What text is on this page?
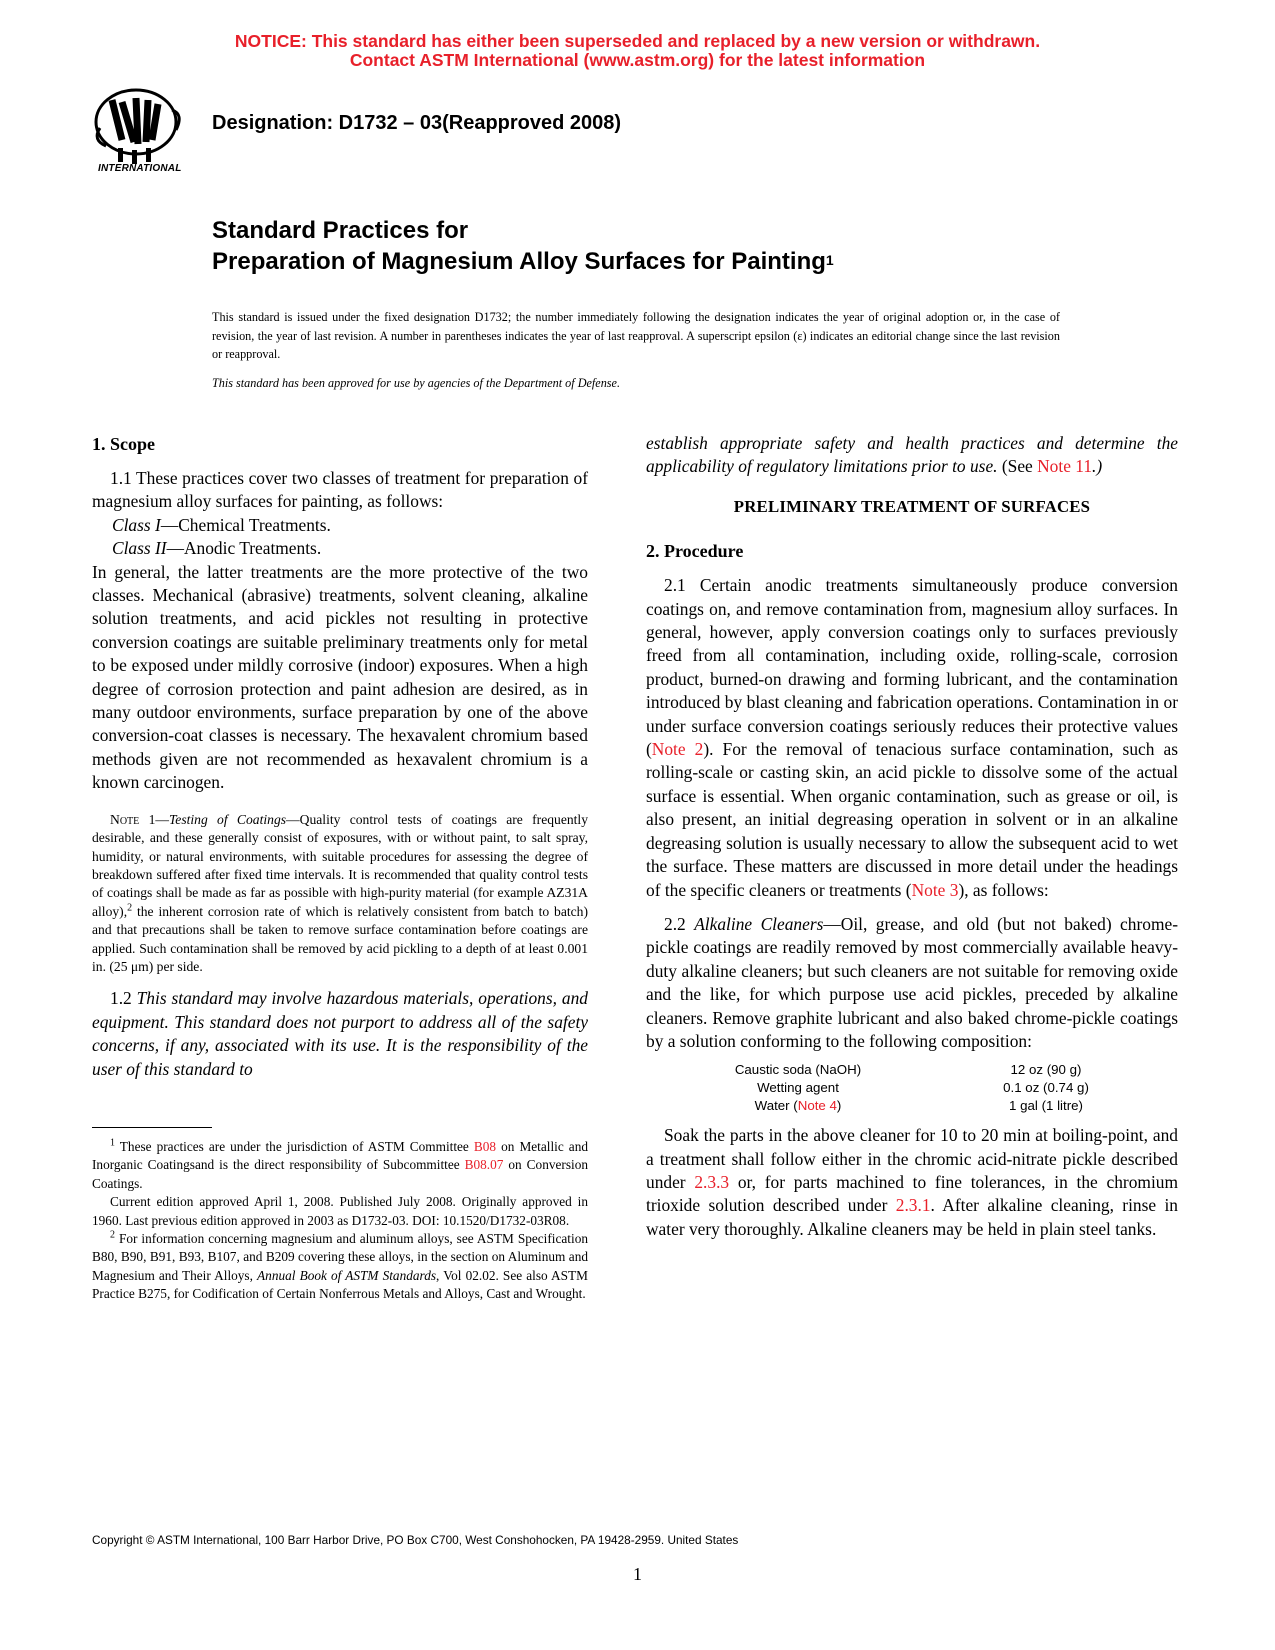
NOTICE: This standard has either been superseded and replaced by a new version or withdrawn.
Contact ASTM International (www.astm.org) for the latest information
INTERNATIONAL
Designation: D1732 – 03(Reapproved 2008)
Standard Practices for
Preparation of Magnesium Alloy Surfaces for Painting$^1$
This standard is issued under the fixed designation D1732; the number immediately following the designation indicates the year of original adoption or, in the case of revision, the year of last revision. A number in parentheses indicates the year of last reapproval. A superscript epsilon (ε) indicates an editorial change since the last revision or reapproval.
This standard has been approved for use by agencies of the Department of Defense.
1. Scope

1.1 These practices cover two classes of treatment for preparation of magnesium alloy surfaces for painting, as follows:

Class I—Chemical Treatments.

Class II—Anodic Treatments.

In general, the latter treatments are the more protective of the two classes. Mechanical (abrasive) treatments, solvent cleaning, alkaline solution treatments, and acid pickles not resulting in protective conversion coatings are suitable preliminary treatments only for metal to be exposed under mildly corrosive (indoor) exposures. When a high degree of corrosion protection and paint adhesion are desired, as in many outdoor environments, surface preparation by one of the above conversion-coat classes is necessary. The hexavalent chromium based methods given are not recommended as hexavalent chromium is a known carcinogen.

Note 1—Testing of Coatings—Quality control tests of coatings are frequently desirable, and these generally consist of exposures, with or without paint, to salt spray, humidity, or natural environments, with suitable procedures for assessing the degree of breakdown suffered after fixed time intervals. It is recommended that quality control tests of coatings shall be made as far as possible with high-purity material (for example AZ31A alloy),$^2$ the inherent corrosion rate of which is relatively consistent from batch to batch) and that precautions shall be taken to remove surface contamination before coatings are applied. Such contamination shall be removed by acid pickling to a depth of at least 0.001 in. (25 μm) per side.

1.2 This standard may involve hazardous materials, operations, and equipment. This standard does not purport to address all of the safety concerns, if any, associated with its use. It is the responsibility of the user of this standard to

$^1$ These practices are under the jurisdiction of ASTM Committee B08 on Metallic and Inorganic Coatingsand is the direct responsibility of Subcommittee B08.07 on Conversion Coatings.

Current edition approved April 1, 2008. Published July 2008. Originally approved in 1960. Last previous edition approved in 2003 as D1732-03. DOI: 10.1520/D1732-03R08.

$^2$ For information concerning magnesium and aluminum alloys, see ASTM Specification B80, B90, B91, B93, B107, and B209 covering these alloys, in the section on Aluminum and Magnesium and Their Alloys, Annual Book of ASTM Standards, Vol 02.02. See also ASTM Practice B275, for Codification of Certain Nonferrous Metals and Alloys, Cast and Wrought.

establish appropriate safety and health practices and determine the applicability of regulatory limitations prior to use. (See Note 11.)

PRELIMINARY TREATMENT OF SURFACES

2. Procedure

2.1 Certain anodic treatments simultaneously produce conversion coatings on, and remove contamination from, magnesium alloy surfaces. In general, however, apply conversion coatings only to surfaces previously freed from all contamination, including oxide, rolling-scale, corrosion product, burned-on drawing and forming lubricant, and the contamination introduced by blast cleaning and fabrication operations. Contamination in or under surface conversion coatings seriously reduces their protective values (Note 2). For the removal of tenacious surface contamination, such as rolling-scale or casting skin, an acid pickle to dissolve some of the actual surface is essential. When organic contamination, such as grease or oil, is also present, an initial degreasing operation in solvent or in an alkaline degreasing solution is usually necessary to allow the subsequent acid to wet the surface. These matters are discussed in more detail under the headings of the specific cleaners or treatments (Note 3), as follows:

2.2 Alkaline Cleaners—Oil, grease, and old (but not baked) chrome-pickle coatings are readily removed by most commercially available heavy-duty alkaline cleaners; but such cleaners are not suitable for removing oxide and the like, for which purpose use acid pickles, preceded by alkaline cleaners. Remove graphite lubricant and also baked chrome-pickle coatings by a solution conforming to the following composition:

Caustic soda (NaOH)	12 oz (90 g)
Wetting agent	0.1 oz (0.74 g)
Water (Note 4)	1 gal (1 litre)

Soak the parts in the above cleaner for 10 to 20 min at boiling-point, and a treatment shall follow either in the chromic acid-nitrate pickle described under 2.3.3 or, for parts machined to fine tolerances, in the chromium trioxide solution described under 2.3.1. After alkaline cleaning, rinse in water very thoroughly. Alkaline cleaners may be held in plain steel tanks.

Copyright © ASTM International, 100 Barr Harbor Drive, PO Box C700, West Conshohocken, PA 19428-2959. United States
1
